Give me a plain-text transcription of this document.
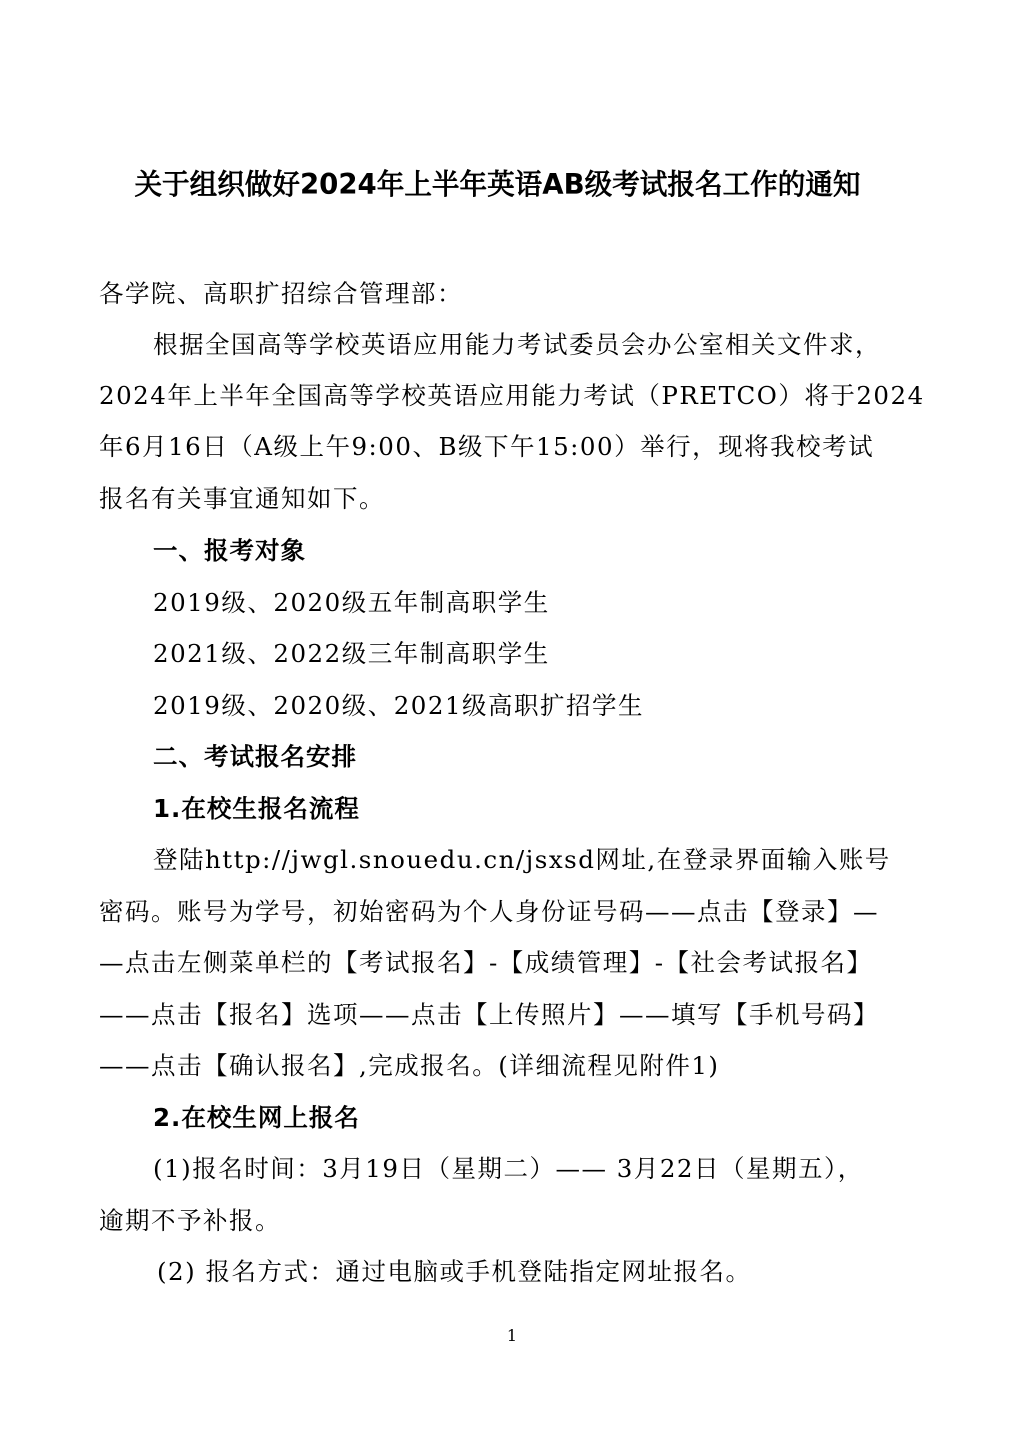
关于组织做好2024年上半年英语AB级考试报名工作的通知
各学院、高职扩招综合管理部：
根据全国高等学校英语应用能力考试委员会办公室相关文件求，
2024年上半年全国高等学校英语应用能力考试（PRETCO）将于2024
年6月16日（A级上午9:00、B级下午15:00）举行，现将我校考试
报名有关事宜通知如下。
一、报考对象
2019级、2020级五年制高职学生
2021级、2022级三年制高职学生
2019级、2020级、2021级高职扩招学生
二、考试报名安排
1.在校生报名流程
登陆http://jwgl.snouedu.cn/jsxsd网址,在登录界面输入账号
密码。账号为学号，初始密码为个人身份证号码——点击【登录】—
—点击左侧菜单栏的【考试报名】-【成绩管理】-【社会考试报名】
——点击【报名】选项——点击【上传照片】——填写【手机号码】
——点击【确认报名】,完成报名。(详细流程见附件1)
2.在校生网上报名
(1)报名时间：3月19日（星期二）—— 3月22日（星期五），
逾期不予补报。
(2) 报名方式：通过电脑或手机登陆指定网址报名。
1
